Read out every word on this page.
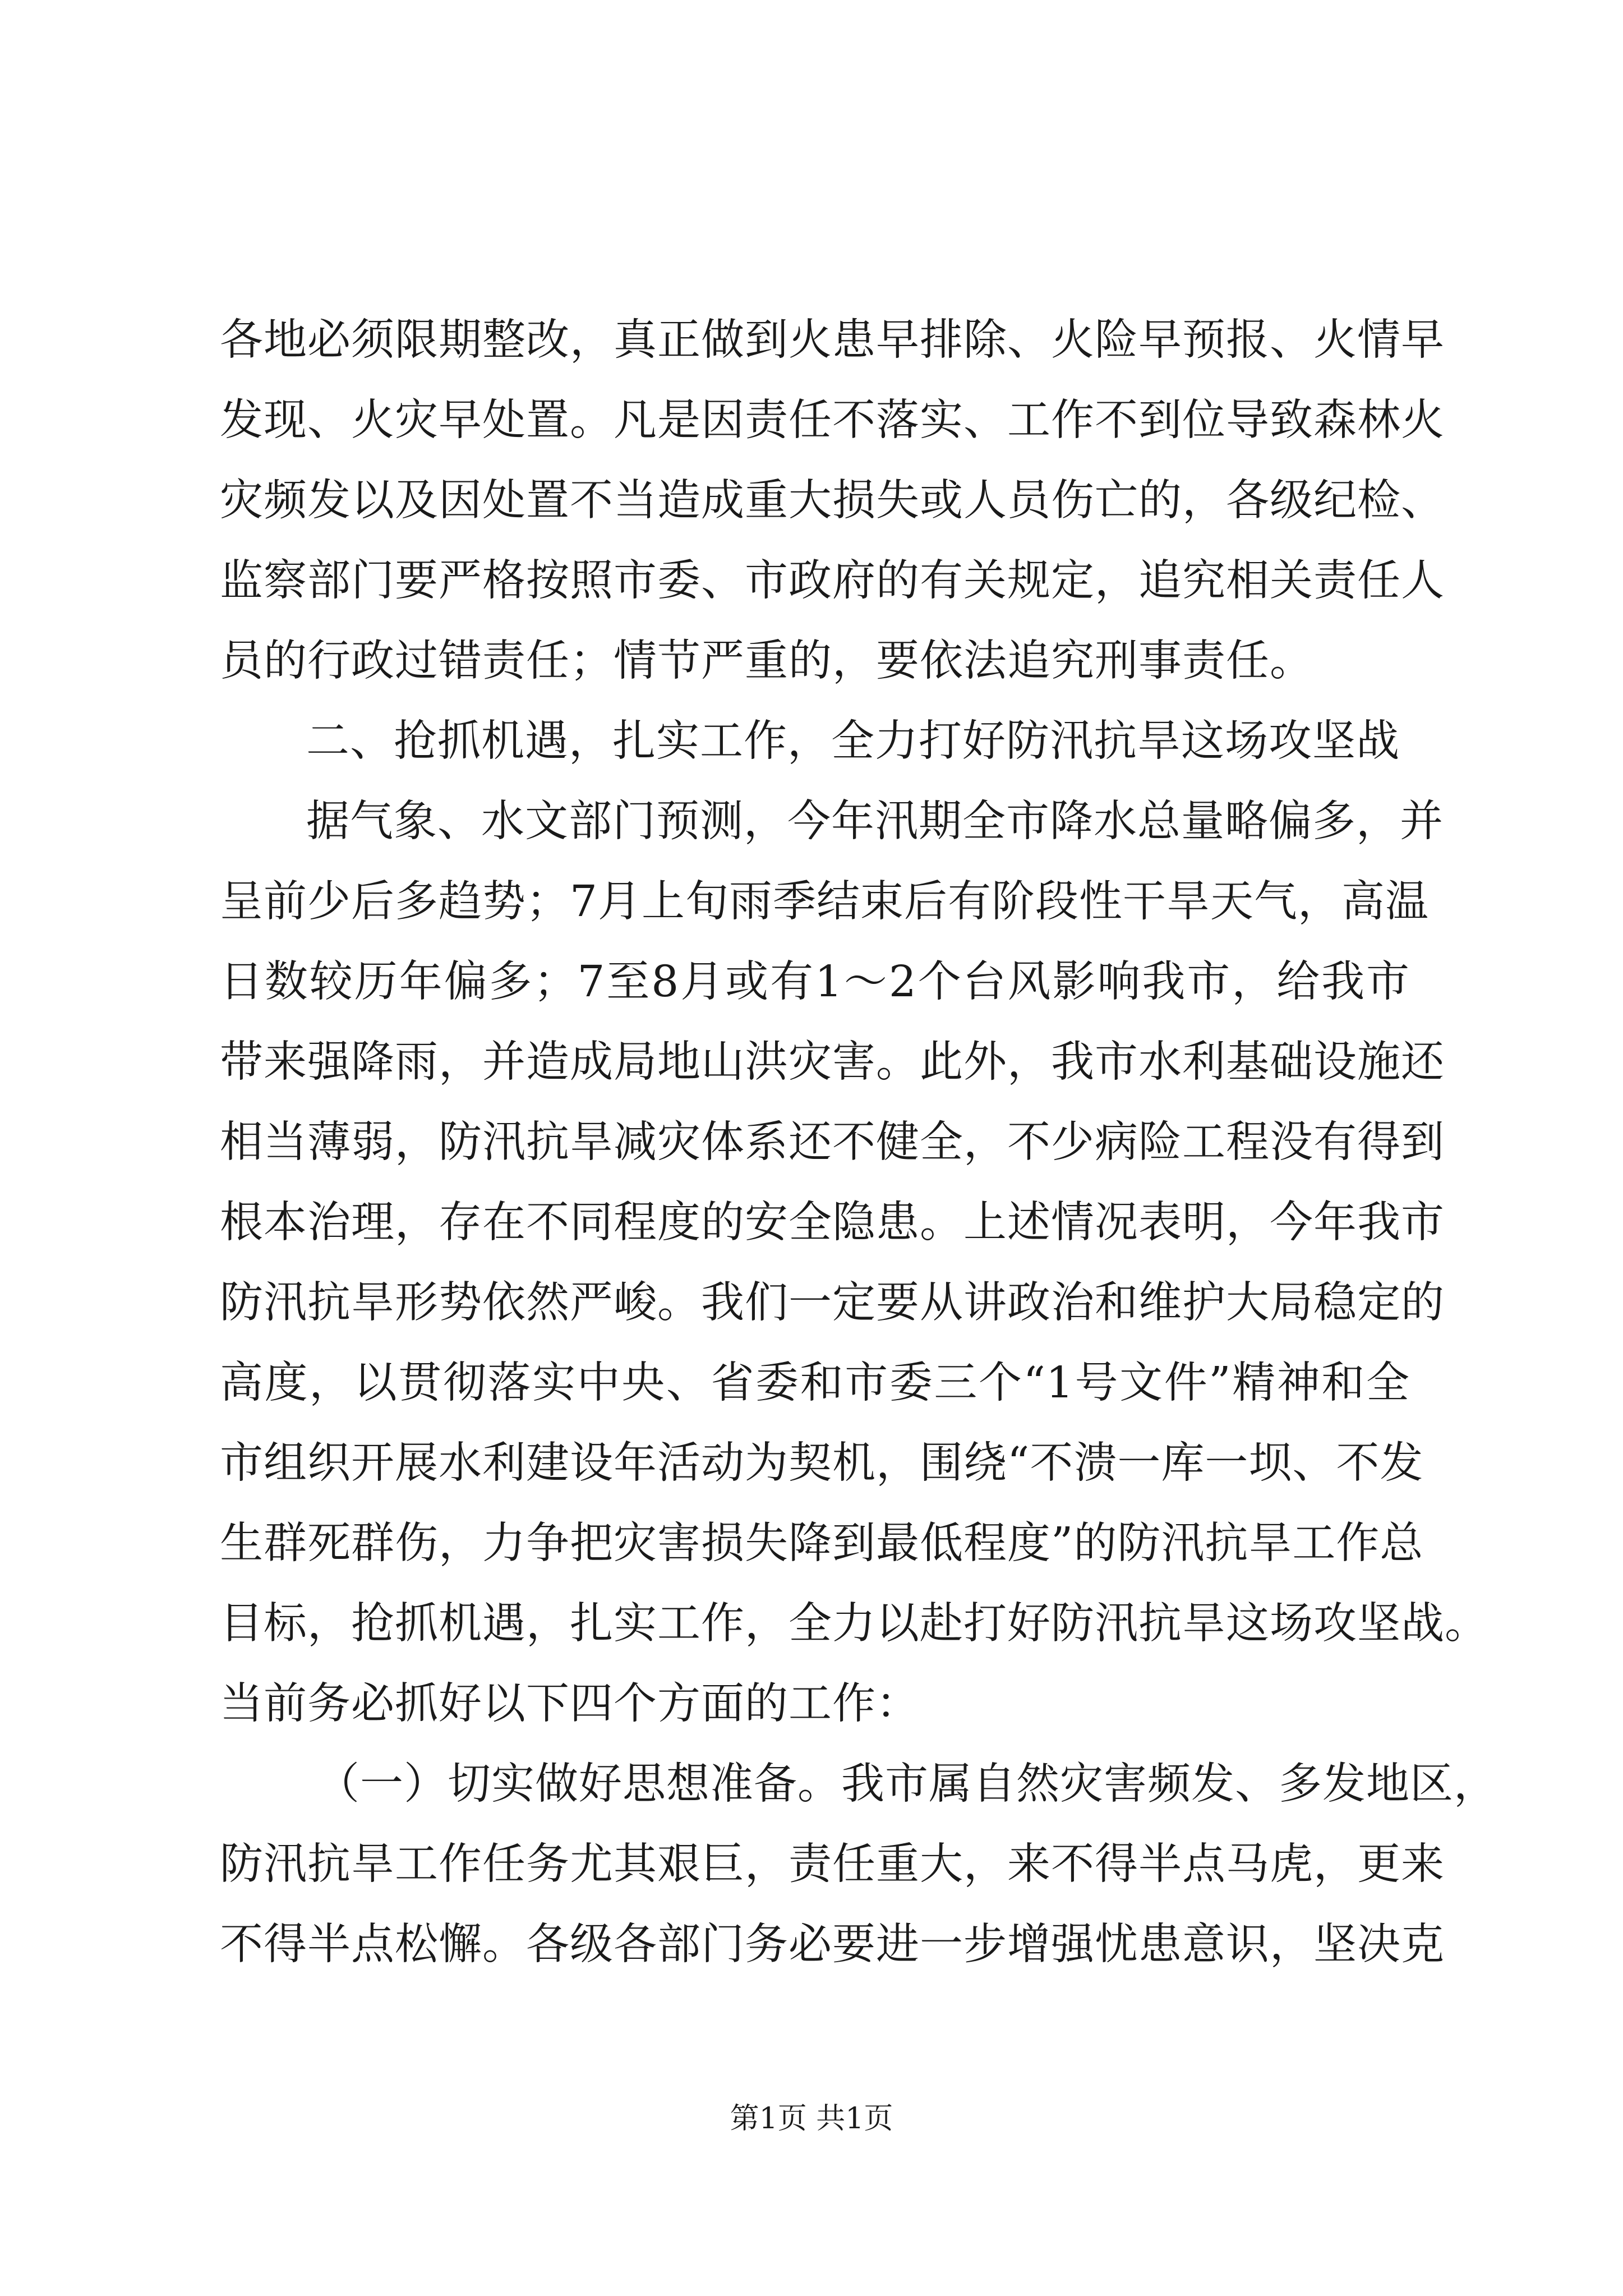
各地必须限期整改，真正做到火患早排除、火险早预报、火情早
发现、火灾早处置。凡是因责任不落实、工作不到位导致森林火
灾频发以及因处置不当造成重大损失或人员伤亡的，各级纪检、
监察部门要严格按照市委、市政府的有关规定，追究相关责任人
员的行政过错责任；情节严重的，要依法追究刑事责任。
二、抢抓机遇，扎实工作，全力打好防汛抗旱这场攻坚战
据气象、水文部门预测，今年汛期全市降水总量略偏多，并
呈前少后多趋势；7月上旬雨季结束后有阶段性干旱天气，高温
日数较历年偏多；7至8月或有1～2个台风影响我市，给我市
带来强降雨，并造成局地山洪灾害。此外，我市水利基础设施还
相当薄弱，防汛抗旱减灾体系还不健全，不少病险工程没有得到
根本治理，存在不同程度的安全隐患。上述情况表明，今年我市
防汛抗旱形势依然严峻。我们一定要从讲政治和维护大局稳定的
高度，以贯彻落实中央、省委和市委三个“1号文件”精神和全
市组织开展水利建设年活动为契机，围绕“不溃一库一坝、不发
生群死群伤，力争把灾害损失降到最低程度”的防汛抗旱工作总
目标，抢抓机遇，扎实工作，全力以赴打好防汛抗旱这场攻坚战。
当前务必抓好以下四个方面的工作：
（一）切实做好思想准备。我市属自然灾害频发、多发地区，
防汛抗旱工作任务尤其艰巨，责任重大，来不得半点马虎，更来
不得半点松懈。各级各部门务必要进一步增强忧患意识，坚决克
第1页 共1页
